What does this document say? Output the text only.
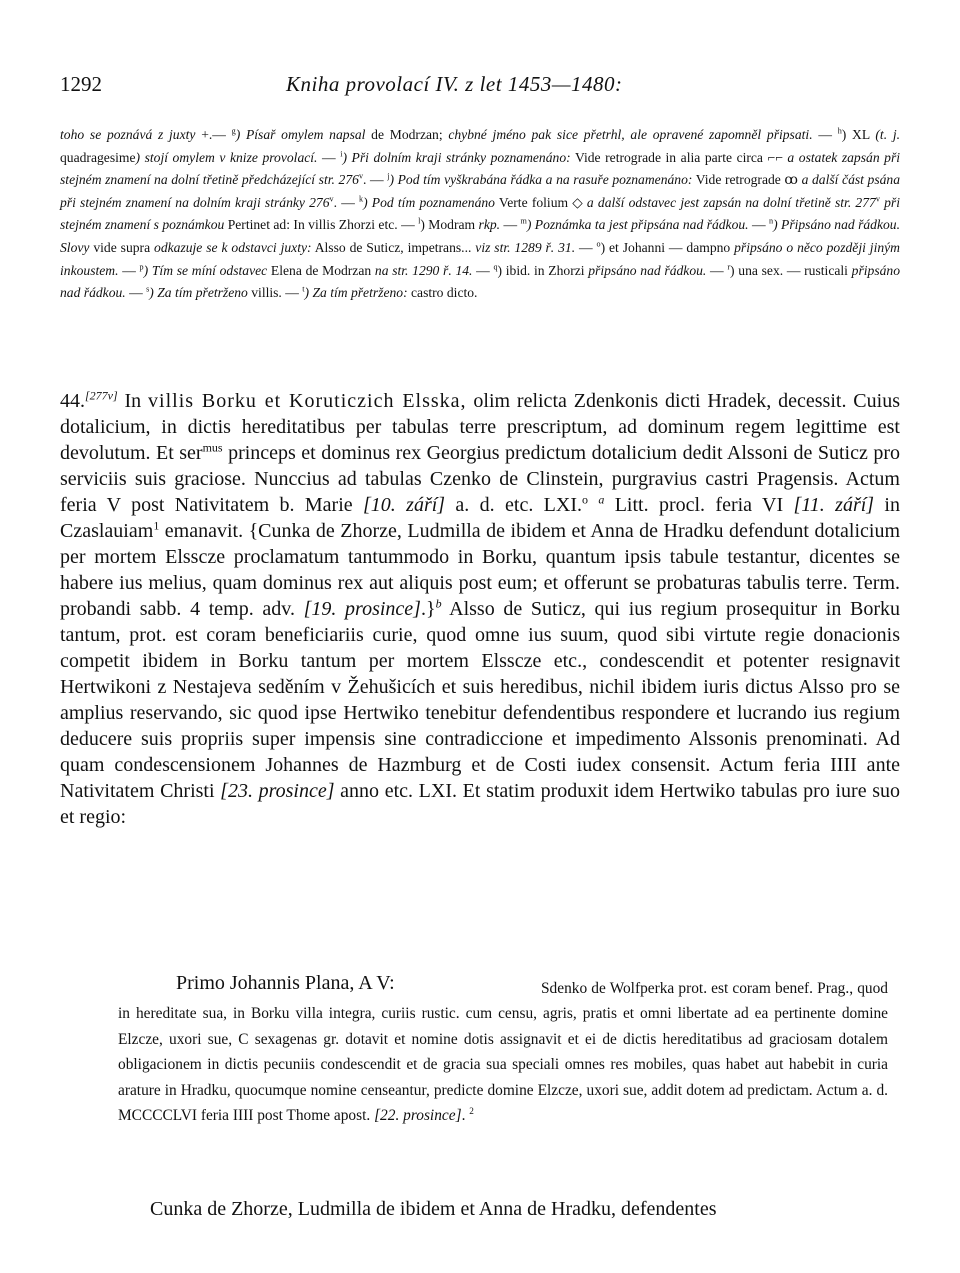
1292	Kniha provolací IV. z let 1453—1480:
toho se poznává z juxty +.— $^g$) Písař omylem napsal de Modrzan; chybné jméno pak sice přetrhl, ale opravené zapomněl připsati. — $^h$) XL (t. j. quadragesime) stojí omylem v knize provolací. — $^i$) Při dolním kraji stránky poznamenáno: Vide retrograde in alia parte circa ⌐⌐ a ostatek zapsán při stejném znamení na dolní třetině předcházející str. 276$^v$. — $^j$) Pod tím vyškrabána řádka a na rasuře poznamenáno: Vide retrograde ꝏ a další část psána při stejném znamení na dolním kraji stránky 276$^v$. — $^k$) Pod tím poznamenáno Verte folium ◇ a další odstavec jest zapsán na dolní třetině str. 277$^v$ při stejném znamení s poznámkou Pertinet ad: In villis Zhorzi etc. — $^l$) Modram rkp. — $^m$) Poznámka ta jest připsána nad řádkou. — $^n$) Připsáno nad řádkou. Slovy vide supra odkazuje se k odstavci juxty: Alsso de Suticz, impetrans... viz str. 1289 ř. 31. — $^o$) et Johanni — dampno připsáno o něco později jiným inkoustem. — $^p$) Tím se míní odstavec Elena de Modrzan na str. 1290 ř. 14. — $^q$) ibid. in Zhorzi připsáno nad řádkou. — $^r$) una sex. — rusticali připsáno nad řádkou. — $^s$) Za tím přetrženo villis. — $^t$) Za tím přetrženo: castro dicto.

44.[277v] In villis Borku et Koruticzich Elsska, olim relicta Zdenkonis dicti Hradek, decessit. Cuius dotalicium, in dictis hereditatibus per tabulas terre prescriptum, ad dominum regem legittime est devolutum. Et ser$^{mus}$ princeps et dominus rex Georgius predictum dotalicium dedit Alssoni de Suticz pro serviciis suis graciose. Nunccius ad tabulas Czenko de Clinstein, purgravius castri Pragensis. Actum feria V post Nativitatem b. Marie [10. září] a. d. etc. LXI.$^o$ $^a$ Litt. procl. feria VI [11. září] in Czaslauiam$^1$ emanavit. {Cunka de Zhorze, Ludmilla de ibidem et Anna de Hradku defendunt dotalicium per mortem Elsscze proclamatum tantummodo in Borku, quantum ipsis tabule testantur, dicentes se habere ius melius, quam dominus rex aut aliquis post eum; et offerunt se probaturas tabulis terre. Term. probandi sabb. 4 temp. adv. [19. prosince].}$^b$ Alsso de Suticz, qui ius regium prosequitur in Borku tantum, prot. est coram beneficiariis curie, quod omne ius suum, quod sibi virtute regie donacionis competit ibidem in Borku tantum per mortem Elsscze etc., condescendit et potenter resignavit Hertwikoni z Nestajeva seděním v Žehušicích et suis heredibus, nichil ibidem iuris dictus Alsso pro se amplius reservando, sic quod ipse Hertwiko tenebitur defendentibus respondere et lucrando ius regium deducere suis propriis super impensis sine contradiccione et impedimento Alssonis prenominati. Ad quam condescensionem Johannes de Hazmburg et de Costi iudex consensit. Actum feria IIII ante Nativitatem Christi [23. prosince] anno etc. LXI. Et statim produxit idem Hertwiko tabulas pro iure suo et regio:

Primo Johannis Plana, A V:	Sdenko de Wolfperka prot. est coram benef. Prag., quod in hereditate sua, in Borku villa integra, curiis rustic. cum censu, agris, pratis et omni libertate ad ea pertinente domine Elzcze, uxori sue, C sexagenas gr. dotavit et nomine dotis assignavit et ei de dictis hereditatibus ad graciosam dotalem obligacionem in dictis pecuniis condescendit et de gracia sua speciali omnes res mobiles, quas habet aut habebit in curia arature in Hradku, quocumque nomine censeantur, predicte domine Elzcze, uxori sue, addit dotem ad predictam. Actum a. d. MCCCCLVI feria IIII post Thome apost. [22. prosince]. $^2$
Cunka de Zhorze, Ludmilla de ibidem et Anna de Hradku, defendentes
